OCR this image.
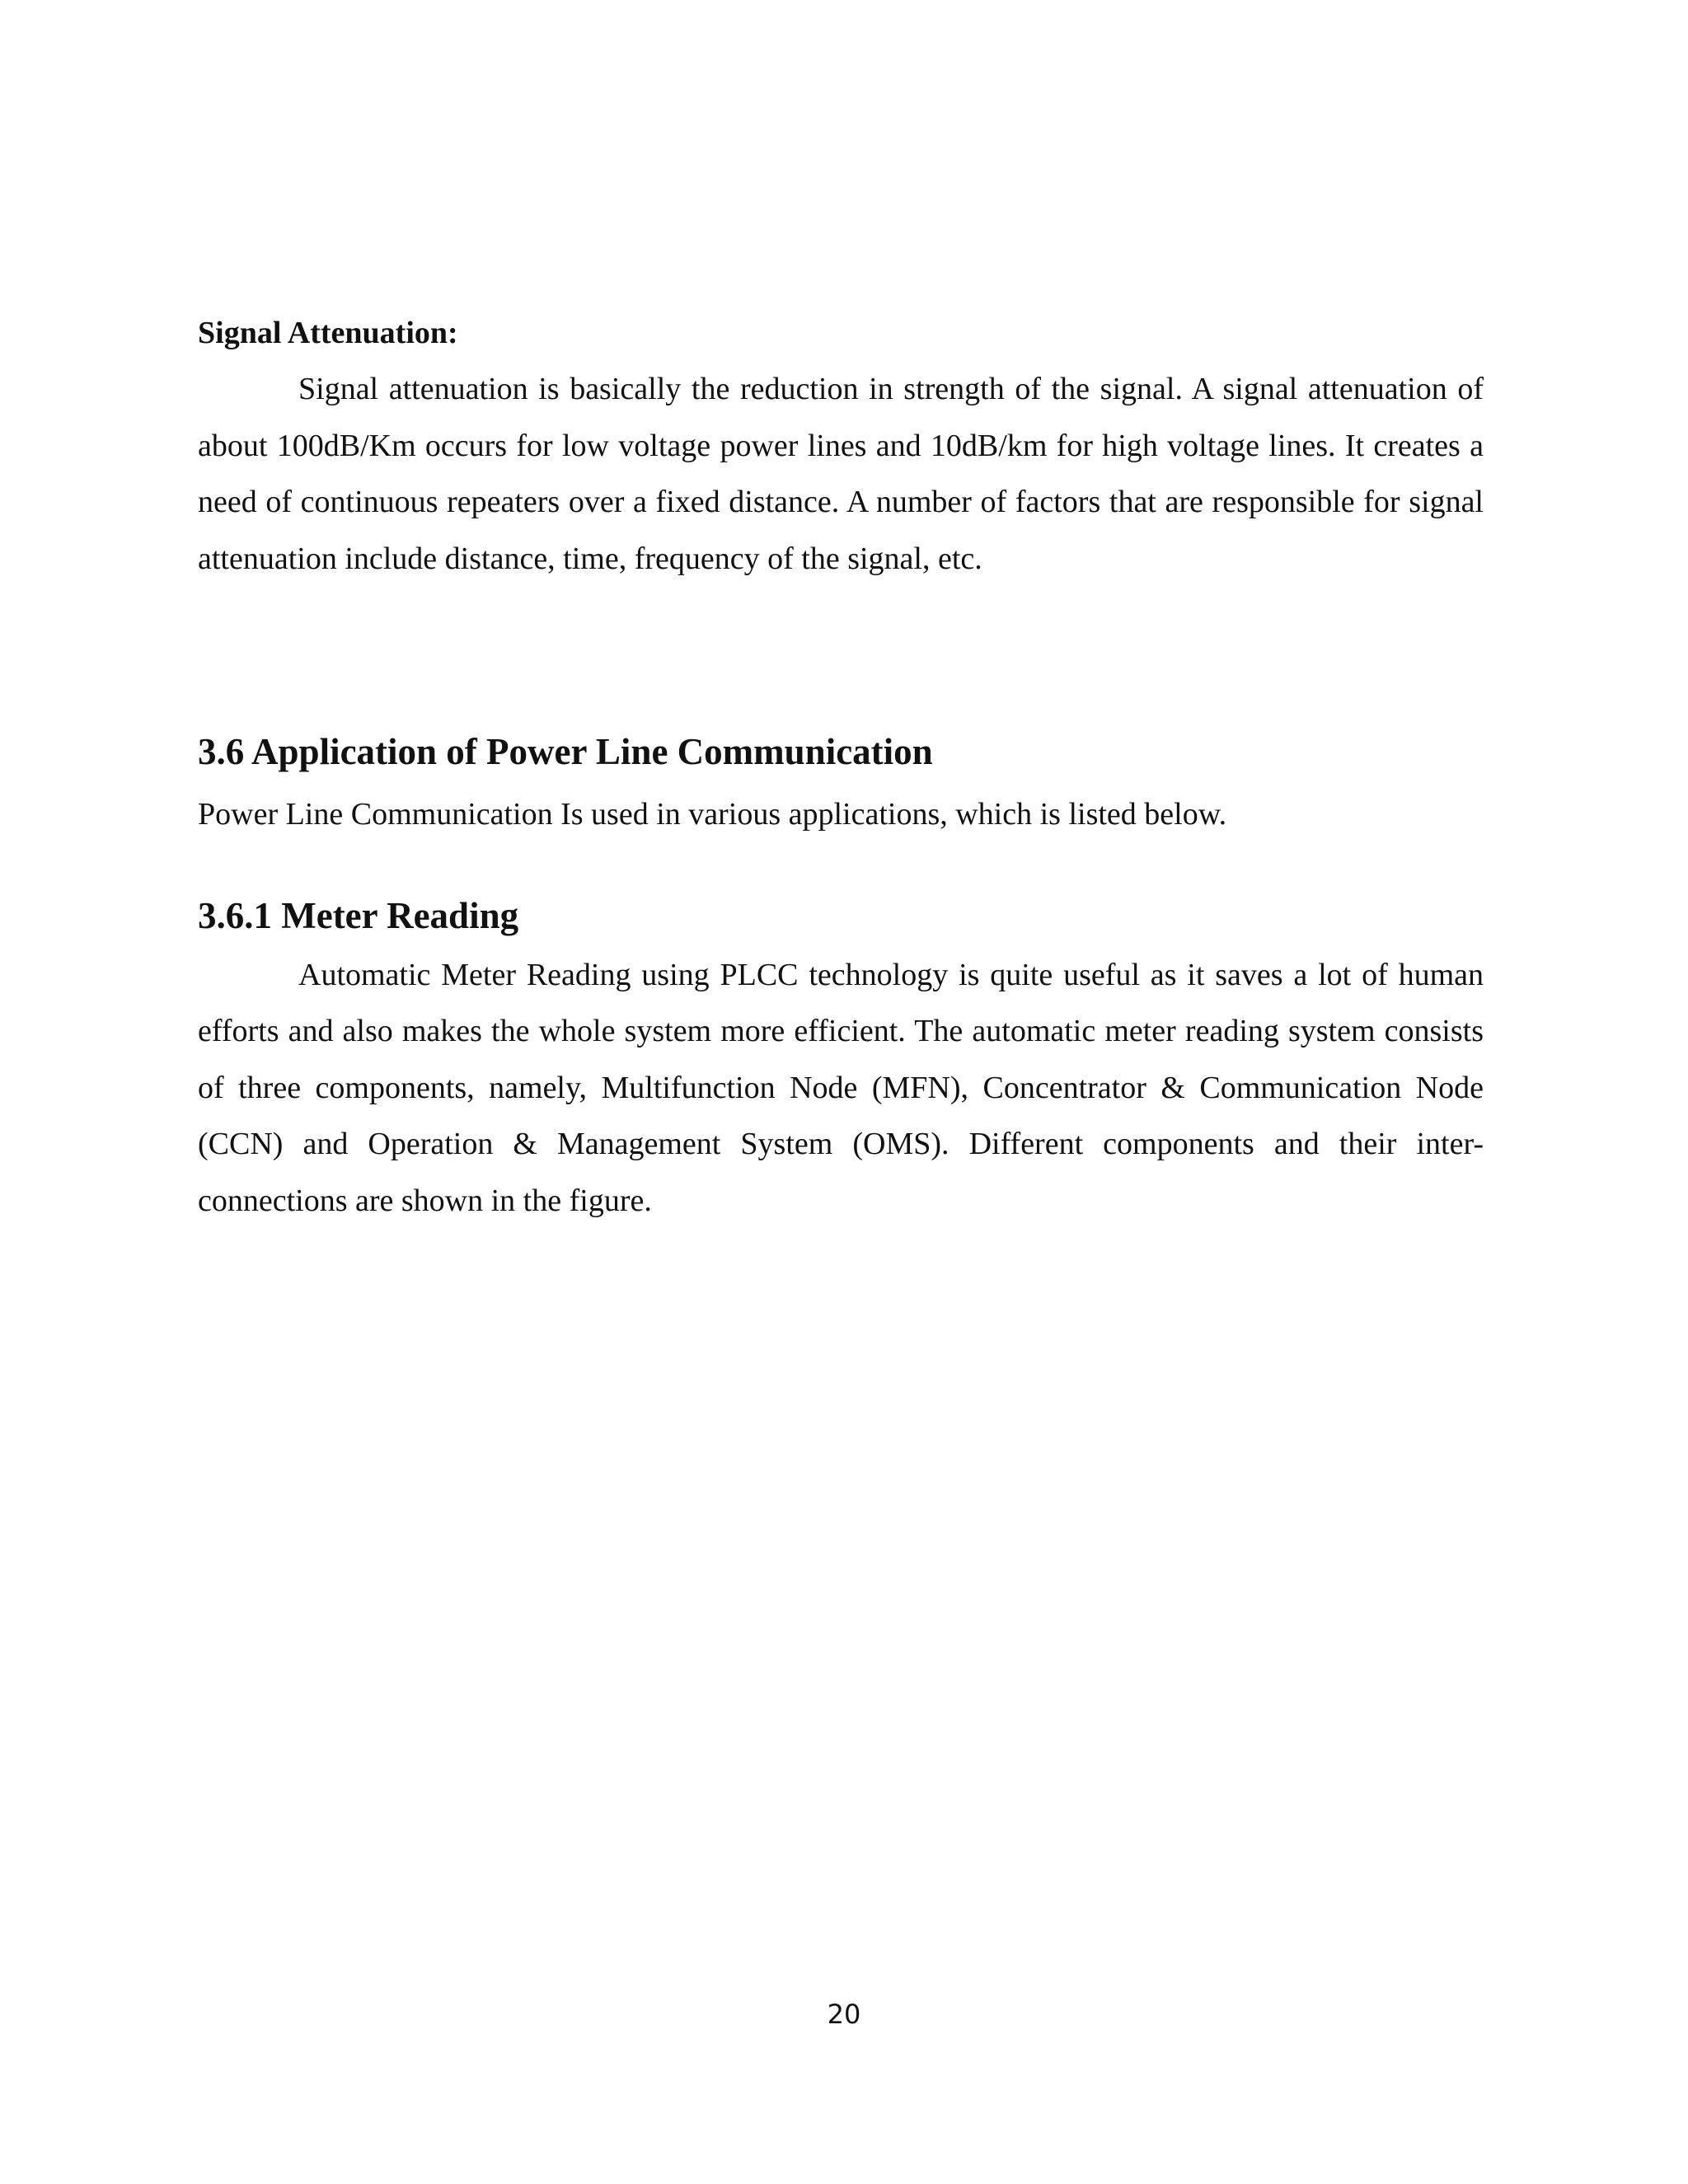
Signal Attenuation:

Signal attenuation is basically the reduction in strength of the signal. A signal attenuation of about 100dB/Km occurs for low voltage power lines and 10dB/km for high voltage lines. It creates a need of continuous repeaters over a fixed distance. A number of factors that are responsible for signal attenuation include distance, time, frequency of the signal, etc.

3.6 Application of Power Line Communication

Power Line Communication Is used in various applications, which is listed below.

3.6.1 Meter Reading

Automatic Meter Reading using PLCC technology is quite useful as it saves a lot of human efforts and also makes the whole system more efficient. The automatic meter reading system consists of three components, namely, Multifunction Node (MFN), Concentrator & Communication Node (CCN) and Operation & Management System (OMS). Different components and their inter-connections are shown in the figure.

20
